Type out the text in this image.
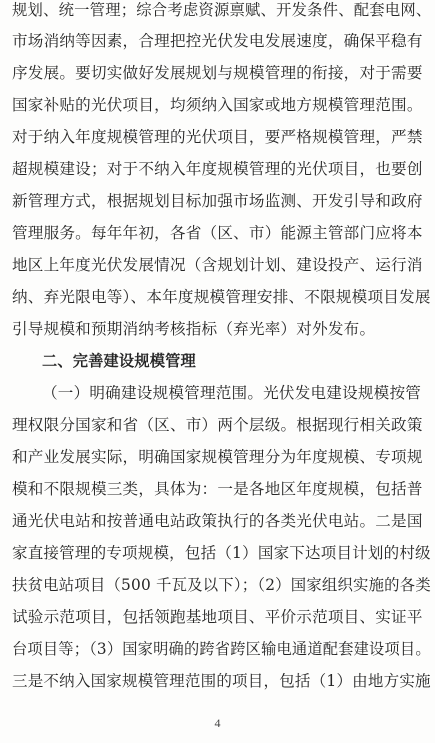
规划、统一管理；综合考虑资源禀赋、开发条件、配套电网、
市场消纳等因素，合理把控光伏发电发展速度，确保平稳有
序发展。要切实做好发展规划与规模管理的衔接，对于需要
国家补贴的光伏项目，均须纳入国家或地方规模管理范围。
对于纳入年度规模管理的光伏项目，要严格规模管理，严禁
超规模建设；对于不纳入年度规模管理的光伏项目，也要创
新管理方式，根据规划目标加强市场监测、开发引导和政府
管理服务。每年年初，各省（区、市）能源主管部门应将本
地区上年度光伏发展情况（含规划计划、建设投产、运行消
纳、弃光限电等）、本年度规模管理安排、不限规模项目发展
引导规模和预期消纳考核指标（弃光率）对外发布。
二、完善建设规模管理
（一）明确建设规模管理范围。光伏发电建设规模按管
理权限分国家和省（区、市）两个层级。根据现行相关政策
和产业发展实际，明确国家规模管理分为年度规模、专项规
模和不限规模三类，具体为：一是各地区年度规模，包括普
通光伏电站和按普通电站政策执行的各类光伏电站。二是国
家直接管理的专项规模，包括（1）国家下达项目计划的村级
扶贫电站项目（500 千瓦及以下）；（2）国家组织实施的各类
试验示范项目，包括领跑基地项目、平价示范项目、实证平
台项目等；（3）国家明确的跨省跨区输电通道配套建设项目。
三是不纳入国家规模管理范围的项目，包括（1）由地方实施
4
